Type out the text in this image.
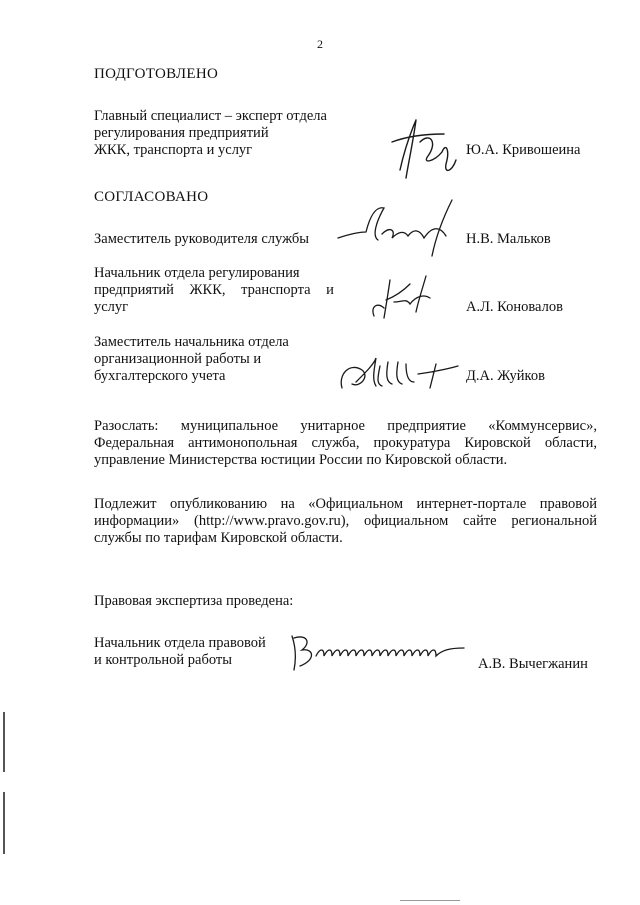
2
ПОДГОТОВЛЕНО
Главный специалист – эксперт отдела
регулирования предприятий
ЖКК, транспорта и услуг	Ю.А. Кривошеина
СОГЛАСОВАНО
Заместитель руководителя службы	Н.В. Мальков
Начальник отдела регулирования
предприятий ЖКК, транспорта и
услуг	А.Л. Коновалов
Заместитель начальника отдела
организационной работы и
бухгалтерского учета	Д.А. Жуйков
Разослать: муниципальное унитарное предприятие «Коммунсервис»,
Федеральная антимонопольная служба, прокуратура Кировской области,
управление Министерства юстиции России по Кировской области.
Подлежит опубликованию на «Официальном интернет-портале правовой
информации» (http://www.pravo.gov.ru), официальном сайте региональной
службы по тарифам Кировской области.
Правовая экспертиза проведена:
Начальник отдела правовой
и контрольной работы	А.В. Вычегжанин
